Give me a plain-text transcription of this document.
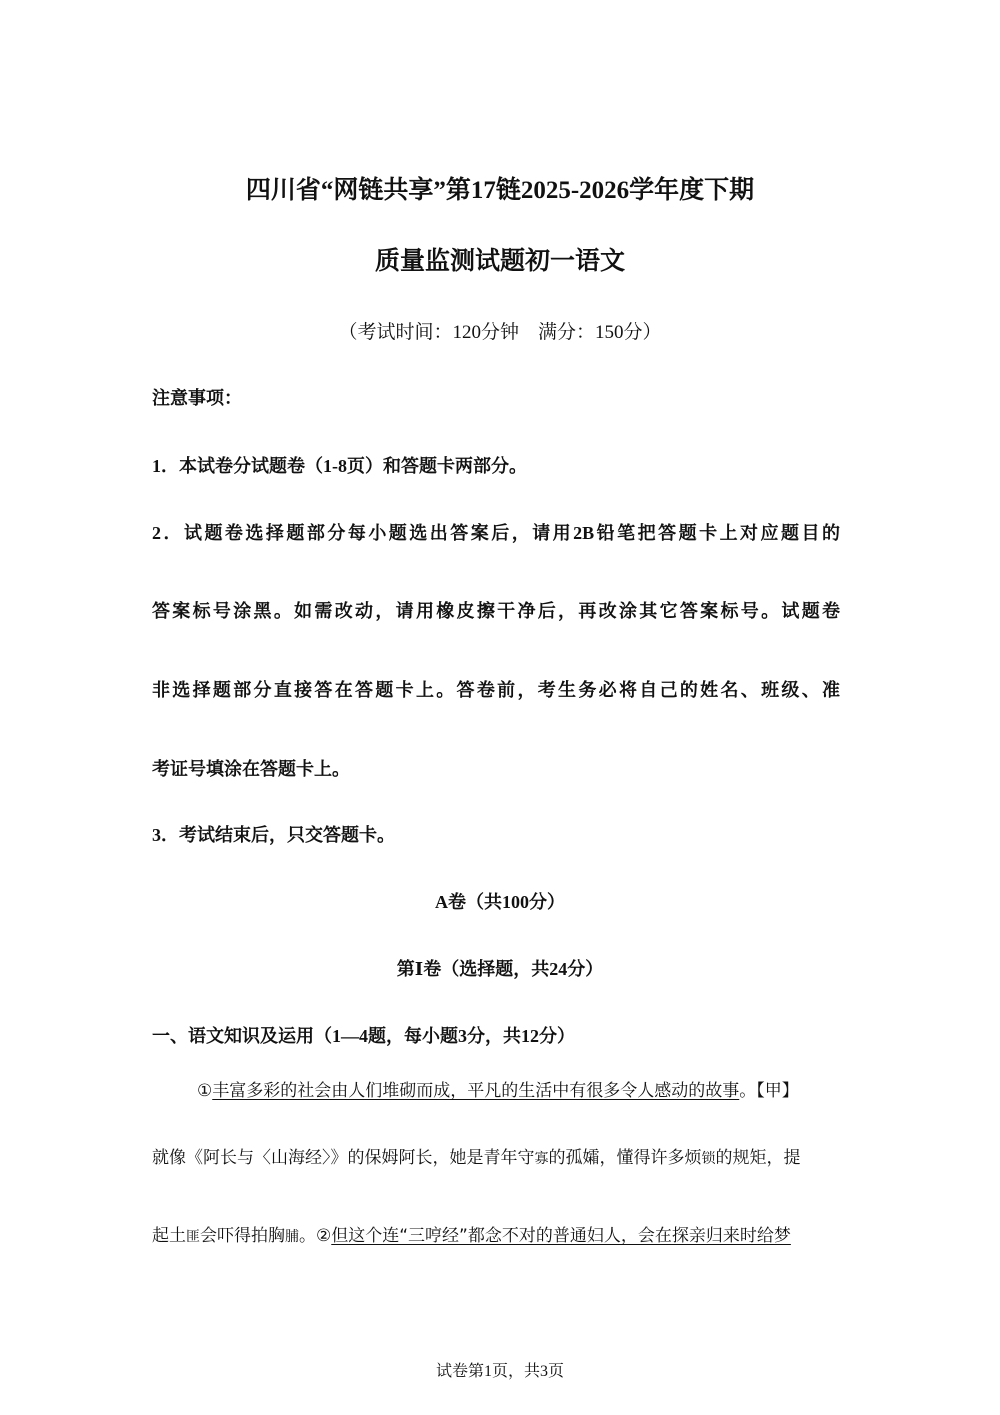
四川省“网链共享”第17链2025-2026学年度下期
质量监测试题初一语文
（考试时间：120分钟　满分：150分）
注意事项：
1．本试卷分试题卷（1-8页）和答题卡两部分。
2．试题卷选择题部分每小题选出答案后，请用2B铅笔把答题卡上对应题目的
答案标号涂黑。如需改动，请用橡皮擦干净后，再改涂其它答案标号。试题卷
非选择题部分直接答在答题卡上。答卷前，考生务必将自己的姓名、班级、准
考证号填涂在答题卡上。
3．考试结束后，只交答题卡。
A卷（共100分）
第Ⅰ卷（选择题，共24分）
一、语文知识及运用（1—4题，每小题3分，共12分）
①丰富多彩的社会由人们堆砌而成，平凡的生活中有很多令人感动的故事。【甲】
就像《阿长与〈山海经〉》的保姆阿长，她是青年守寡的孤孀，懂得许多烦锁的规矩，提
起土匪会吓得拍胸脯。②但这个连“三哼经”都念不对的普通妇人，会在探亲归来时给梦
试卷第1页，共3页
